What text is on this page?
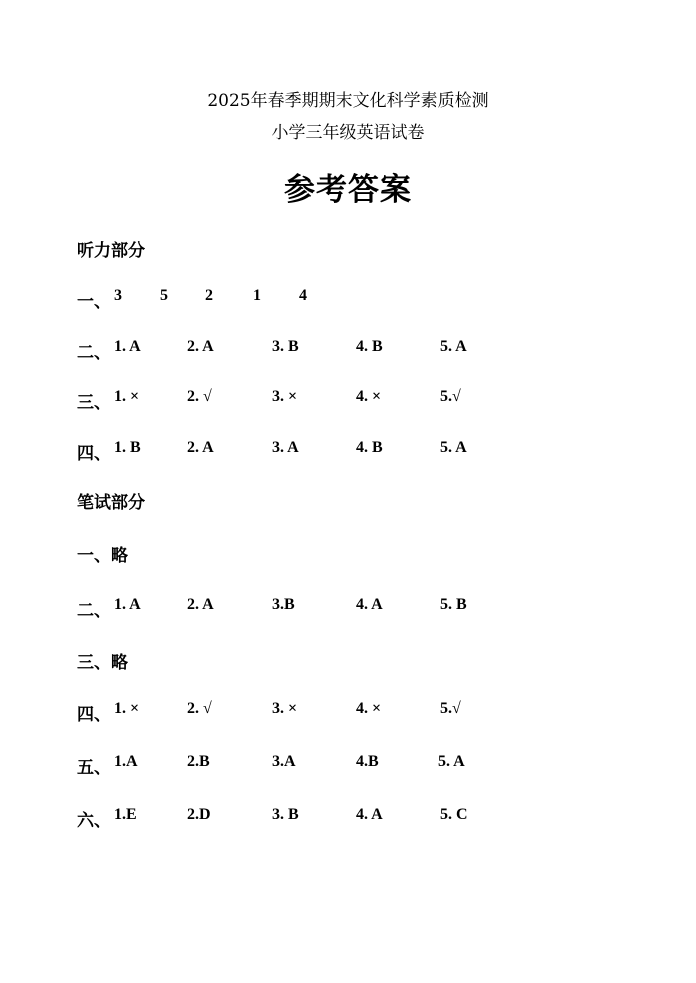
2025年春季期期末文化科学素质检测
小学三年级英语试卷
参考答案
听力部分
一、 3 5 2	1 4
二、 1. A	2. A	3. B	4. B	5. A
三、 1. ×	2. √	3. ×	4. ×	5.√
四、 1. B	2. A	3. A	4. B	5. A
笔试部分
一、略
二、 1. A	2. A	3.B	4. A	5. B
三、略
四、 1. ×	2. √	3. ×	4. ×	5.√
五、 1.A	2.B	3.A	4.B	5. A
六、 1.E	2.D	3. B	4. A	5. C
